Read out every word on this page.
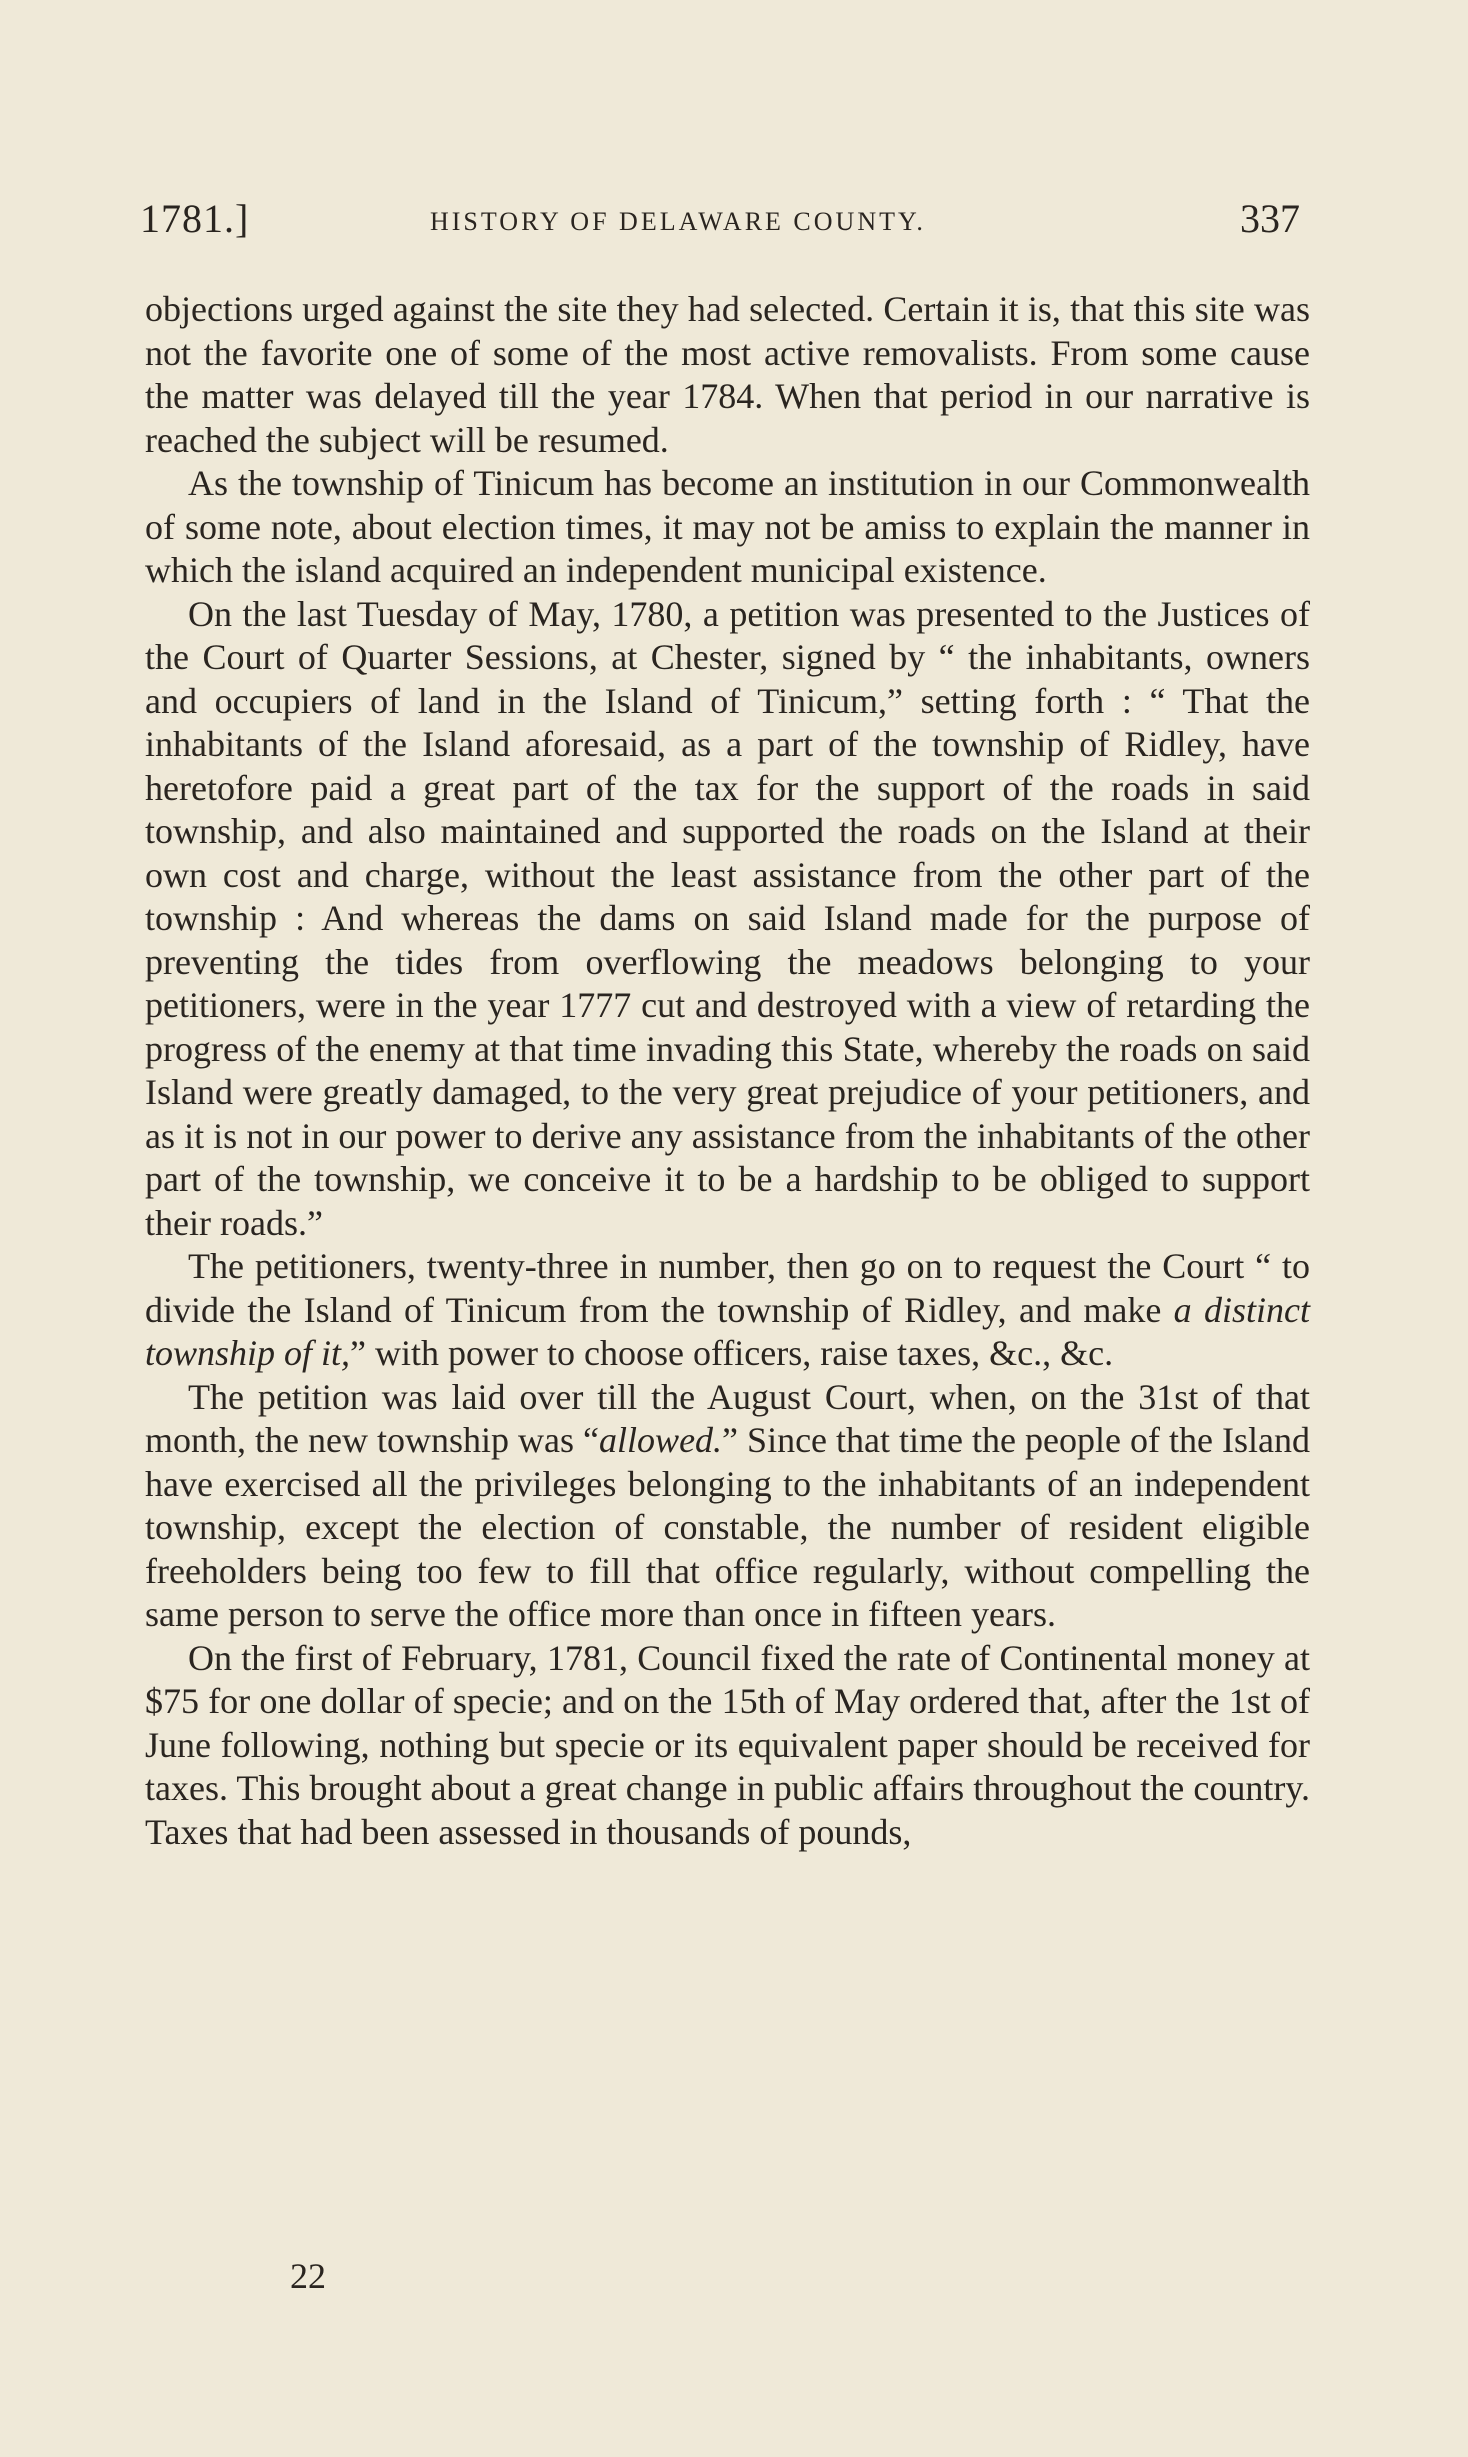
1781.]	HISTORY OF DELAWARE COUNTY.	337

objections urged against the site they had selected. Certain it is, that this site was not the favorite one of some of the most active removalists. From some cause the matter was delayed till the year 1784. When that period in our narrative is reached the subject will be resumed.

As the township of Tinicum has become an institution in our Commonwealth of some note, about election times, it may not be amiss to explain the manner in which the island acquired an independent municipal existence.

On the last Tuesday of May, 1780, a petition was presented to the Justices of the Court of Quarter Sessions, at Chester, signed by “ the inhabitants, owners and occupiers of land in the Island of Tinicum,” setting forth : “ That the inhabitants of the Island aforesaid, as a part of the township of Ridley, have heretofore paid a great part of the tax for the support of the roads in said township, and also maintained and supported the roads on the Island at their own cost and charge, without the least assistance from the other part of the township : And whereas the dams on said Island made for the purpose of preventing the tides from overflowing the meadows belonging to your petitioners, were in the year 1777 cut and destroyed with a view of retarding the progress of the enemy at that time invading this State, whereby the roads on said Island were greatly damaged, to the very great prejudice of your petitioners, and as it is not in our power to derive any assistance from the inhabitants of the other part of the township, we conceive it to be a hardship to be obliged to support their roads.”

The petitioners, twenty-three in number, then go on to request the Court “ to divide the Island of Tinicum from the township of Ridley, and make a distinct township of it,” with power to choose officers, raise taxes, &c., &c.

The petition was laid over till the August Court, when, on the 31st of that month, the new township was “allowed.” Since that time the people of the Island have exercised all the privileges belonging to the inhabitants of an independent township, except the election of constable, the number of resident eligible freeholders being too few to fill that office regularly, without compelling the same person to serve the office more than once in fifteen years.

On the first of February, 1781, Council fixed the rate of Continental money at $75 for one dollar of specie; and on the 15th of May ordered that, after the 1st of June following, nothing but specie or its equivalent paper should be received for taxes. This brought about a great change in public affairs throughout the country. Taxes that had been assessed in thousands of pounds,

22
